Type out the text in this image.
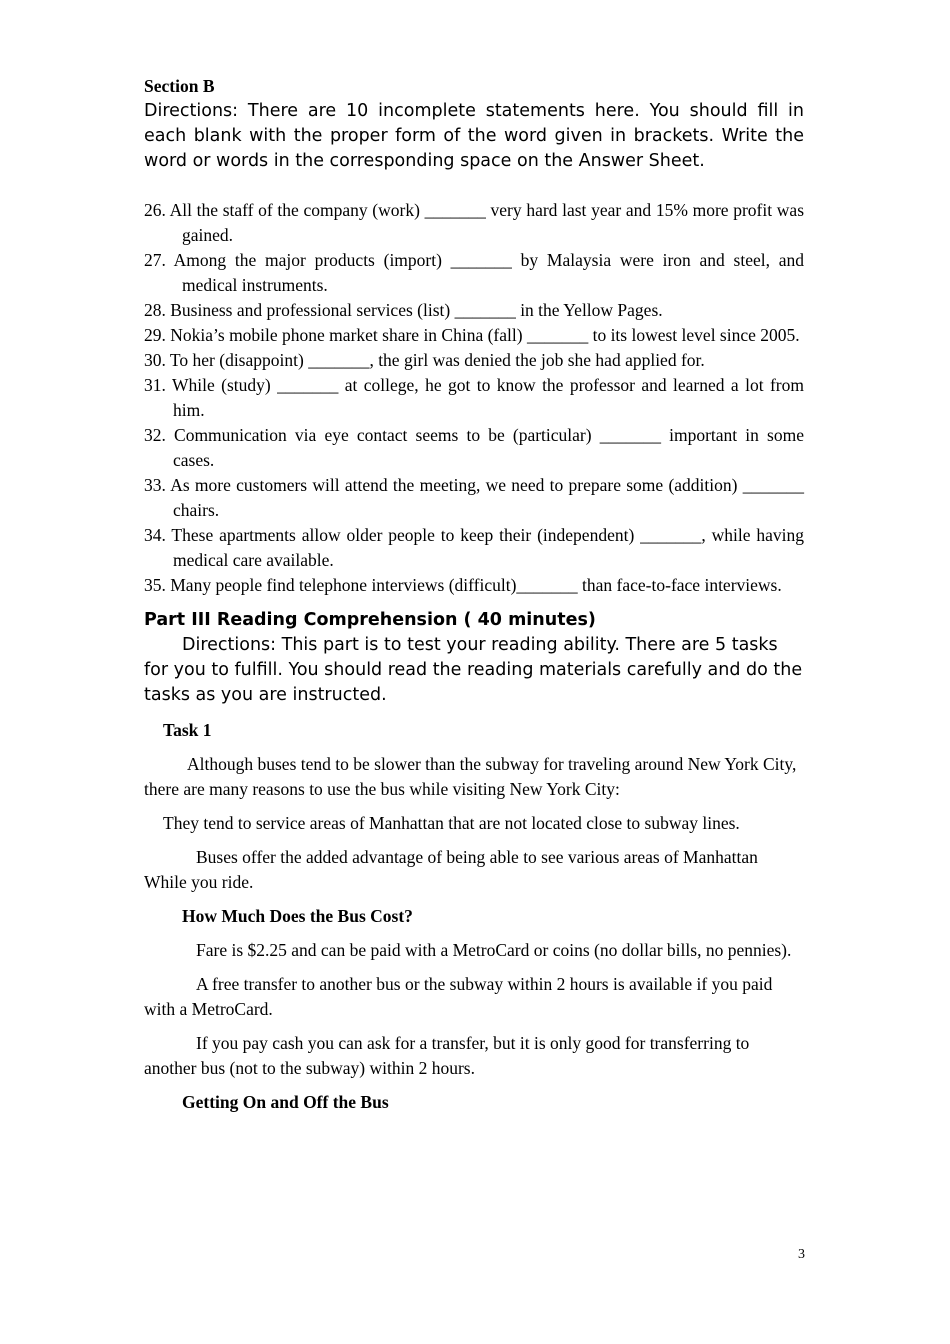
Section B

Directions: There are 10 incomplete statements here. You should fill in each blank with the proper form of the word given in brackets. Write the word or words in the corresponding space on the Answer Sheet.

26. All the staff of the company (work) _______ very hard last year and 15% more profit was gained.

27. Among the major products (import) _______ by Malaysia were iron and steel, and medical instruments.

28. Business and professional services (list) _______ in the Yellow Pages.

29. Nokia’s mobile phone market share in China (fall) _______ to its lowest level since 2005.

30. To her (disappoint) _______, the girl was denied the job she had applied for.

31. While (study) _______ at college, he got to know the professor and learned a lot from him.

32. Communication via eye contact seems to be (particular) _______ important in some cases.

33. As more customers will attend the meeting, we need to prepare some (addition) _______ chairs.

34. These apartments allow older people to keep their (independent) _______, while having medical care available.

35. Many people find telephone interviews (difficult)_______ than face-to-face interviews.

Part III Reading Comprehension ( 40 minutes)

Directions: This part is to test your reading ability. There are 5 tasks for you to fulfill. You should read the reading materials carefully and do the tasks as you are instructed.

Task 1

Although buses tend to be slower than the subway for traveling around New York City, there are many reasons to use the bus while visiting New York City:

They tend to service areas of Manhattan that are not located close to subway lines.

Buses offer the added advantage of being able to see various areas of Manhattan While you ride.

How Much Does the Bus Cost?

Fare is $2.25 and can be paid with a MetroCard or coins (no dollar bills, no pennies).

A free transfer to another bus or the subway within 2 hours is available if you paid with a MetroCard.

If you pay cash you can ask for a transfer, but it is only good for transferring to another bus (not to the subway) within 2 hours.

Getting On and Off the Bus

3
